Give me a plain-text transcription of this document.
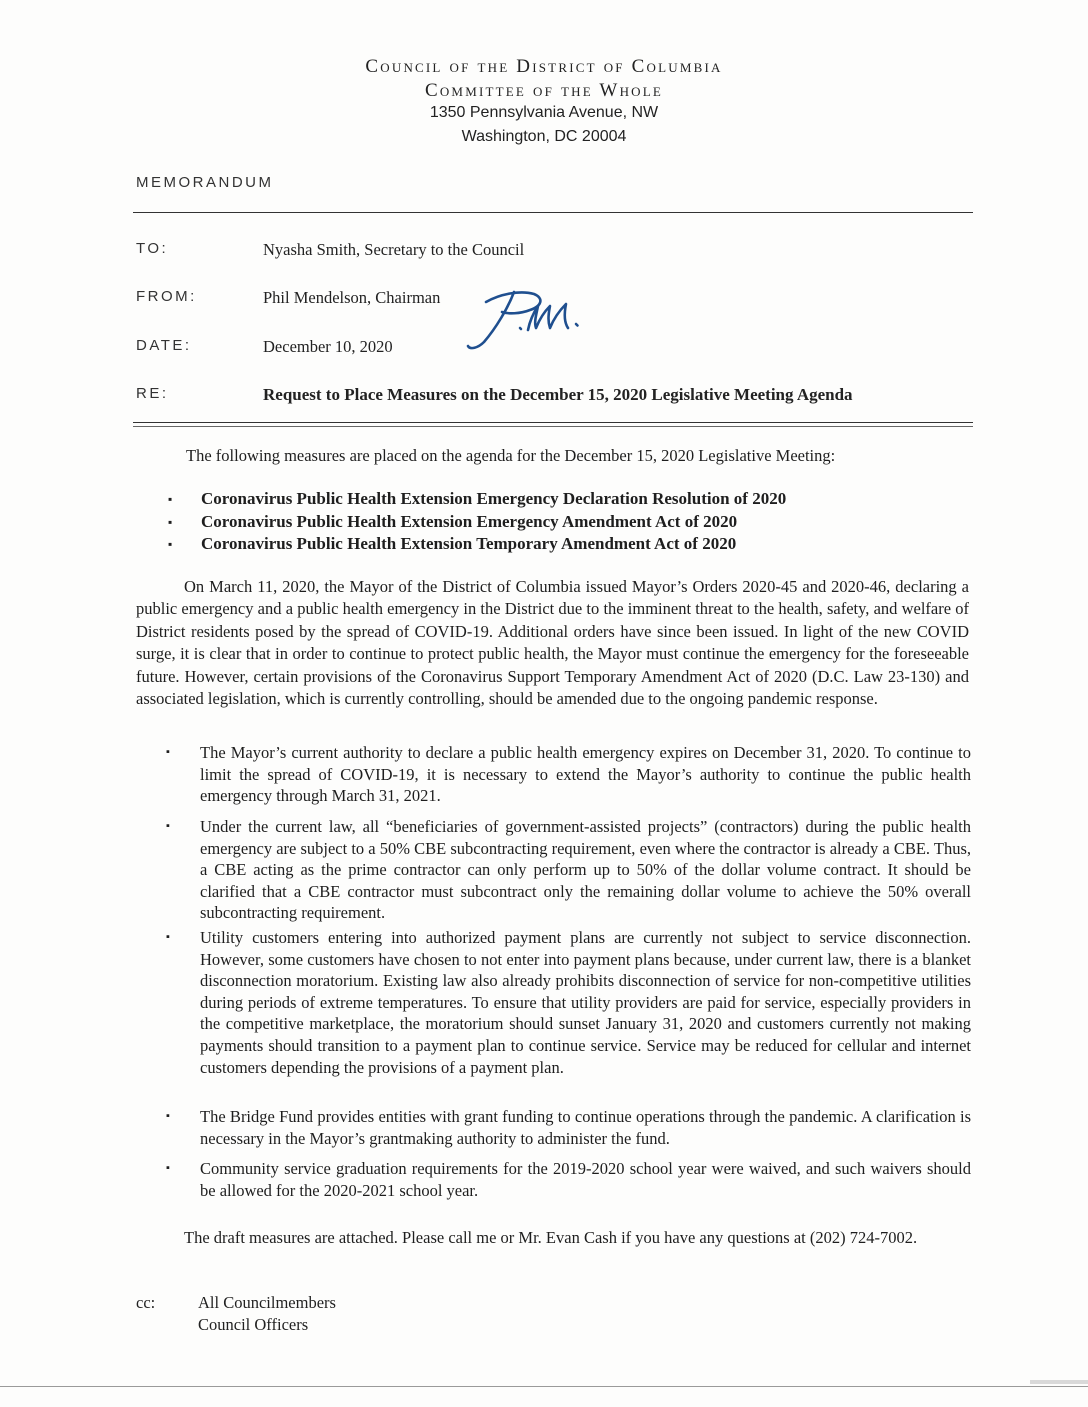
Council of the District of Columbia
Committee of the Whole
1350 Pennsylvania Avenue, NW
Washington, DC 20004
MEMORANDUM
TO:	Nyasha Smith, Secretary to the Council
FROM:	Phil Mendelson, Chairman
DATE:	December 10, 2020
RE:	Request to Place Measures on the December 15, 2020 Legislative Meeting Agenda
The following measures are placed on the agenda for the December 15, 2020 Legislative Meeting:
▪ Coronavirus Public Health Extension Emergency Declaration Resolution of 2020
▪ Coronavirus Public Health Extension Emergency Amendment Act of 2020
▪ Coronavirus Public Health Extension Temporary Amendment Act of 2020
On March 11, 2020, the Mayor of the District of Columbia issued Mayor’s Orders 2020-45 and 2020-46, declaring a public emergency and a public health emergency in the District due to the imminent threat to the health, safety, and welfare of District residents posed by the spread of COVID-19. Additional orders have since been issued. In light of the new COVID surge, it is clear that in order to continue to protect public health, the Mayor must continue the emergency for the foreseeable future. However, certain provisions of the Coronavirus Support Temporary Amendment Act of 2020 (D.C. Law 23-130) and associated legislation, which is currently controlling, should be amended due to the ongoing pandemic response.
▪ The Mayor’s current authority to declare a public health emergency expires on December 31, 2020. To continue to limit the spread of COVID-19, it is necessary to extend the Mayor’s authority to continue the public health emergency through March 31, 2021.
▪ Under the current law, all “beneficiaries of government-assisted projects” (contractors) during the public health emergency are subject to a 50% CBE subcontracting requirement, even where the contractor is already a CBE. Thus, a CBE acting as the prime contractor can only perform up to 50% of the dollar volume contract. It should be clarified that a CBE contractor must subcontract only the remaining dollar volume to achieve the 50% overall subcontracting requirement.
▪ Utility customers entering into authorized payment plans are currently not subject to service disconnection. However, some customers have chosen to not enter into payment plans because, under current law, there is a blanket disconnection moratorium. Existing law also already prohibits disconnection of service for non-competitive utilities during periods of extreme temperatures. To ensure that utility providers are paid for service, especially providers in the competitive marketplace, the moratorium should sunset January 31, 2020 and customers currently not making payments should transition to a payment plan to continue service. Service may be reduced for cellular and internet customers depending the provisions of a payment plan.
▪ The Bridge Fund provides entities with grant funding to continue operations through the pandemic. A clarification is necessary in the Mayor’s grantmaking authority to administer the fund.
▪ Community service graduation requirements for the 2019-2020 school year were waived, and such waivers should be allowed for the 2020-2021 school year.
The draft measures are attached. Please call me or Mr. Evan Cash if you have any questions at (202) 724-7002.
cc:	All Councilmembers
Council Officers
